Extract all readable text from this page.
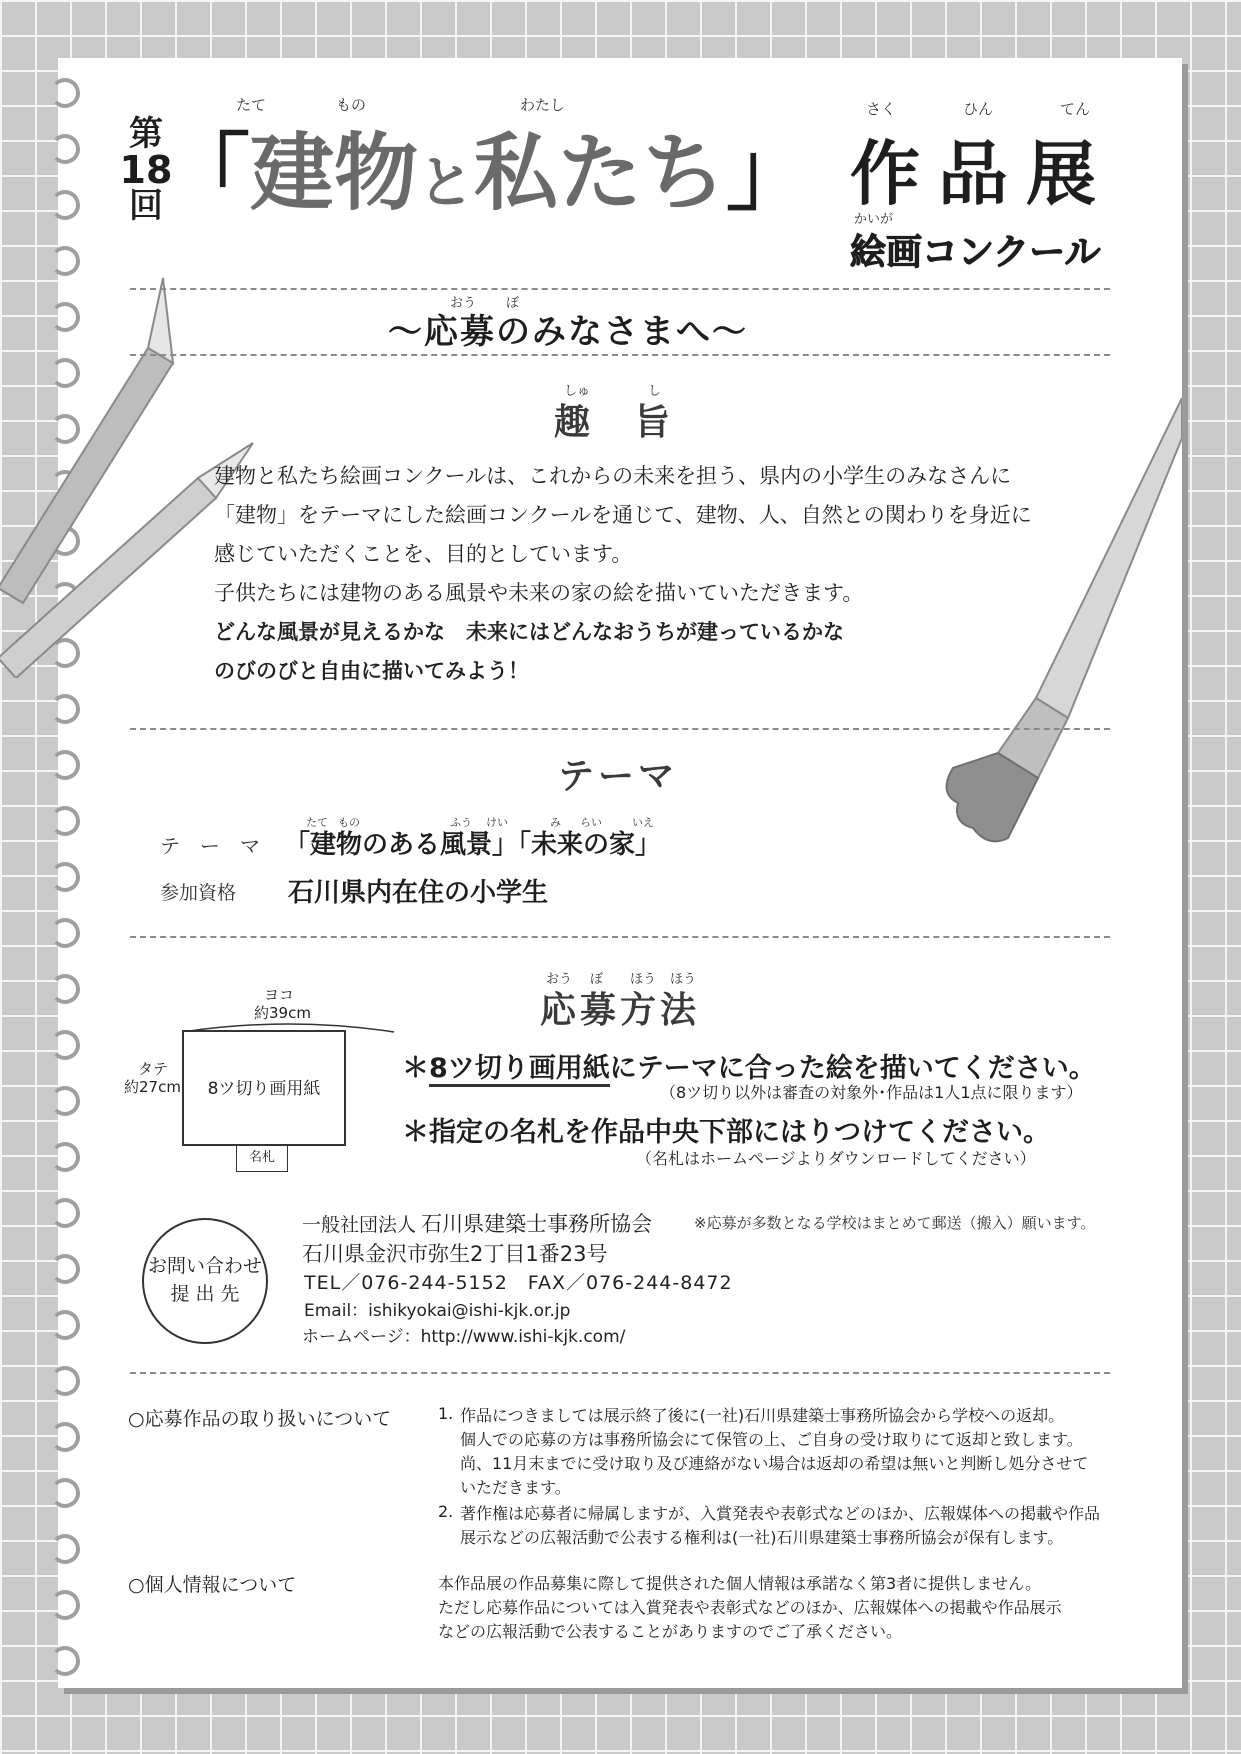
第
18
回
たて	もの	わたし
「建物と私たち」
さく	ひん	てん
作品展
かいが
絵画コンクール
おう ぼ
～応募のみなさまへ～
しゅ	し
趣　旨
建物と私たち絵画コンクールは、これからの未来を担う、県内の小学生のみなさんに
「建物」をテーマにした絵画コンクールを通じて、建物、人、自然との関わりを身近に
感じていただくことを、目的としています。
子供たちには建物のある風景や未来の家の絵を描いていただきます。
どんな風景が見えるかな　未来にはどんなおうちが建っているかな
のびのびと自由に描いてみよう！
テーマ
テ　ー　マ
たて もの	ふう けい	み らい	いえ
「建物のある風景」「未来の家」
参加資格 石川県内在住の小学生
おう ぼ ほう ほう
応募方法
ヨコ
約39cm
タテ
約27cm	8ツ切り画用紙
名札
＊8ツ切り画用紙にテーマに合った絵を描いてください。
（8ツ切り以外は審査の対象外･作品は1人1点に限ります）
＊指定の名札を作品中央下部にはりつけてください。
（名札はホームページよりダウンロードしてください）
お問い合わせ
提 出 先
一般社団法人 石川県建築士事務所協会	※応募が多数となる学校はまとめて郵送（搬入）願います。
石川県金沢市弥生2丁目1番23号
TEL／076-244-5152　FAX／076-244-8472
Email：ishikyokai@ishi-kjk.or.jp
ホームページ：http://www.ishi-kjk.com/
○応募作品の取り扱いについて	1. 作品につきましては展示終了後に(一社)石川県建築士事務所協会から学校への返却。
個人での応募の方は事務所協会にて保管の上、ご自身の受け取りにて返却と致します。
尚、11月末までに受け取り及び連絡がない場合は返却の希望は無いと判断し処分させて
いただきます。
2. 著作権は応募者に帰属しますが、入賞発表や表彰式などのほか、広報媒体への掲載や作品
展示などの広報活動で公表する権利は(一社)石川県建築士事務所協会が保有します。
○個人情報について	本作品展の作品募集に際して提供された個人情報は承諾なく第3者に提供しません。
ただし応募作品については入賞発表や表彰式などのほか、広報媒体への掲載や作品展示
などの広報活動で公表することがありますのでご了承ください。
